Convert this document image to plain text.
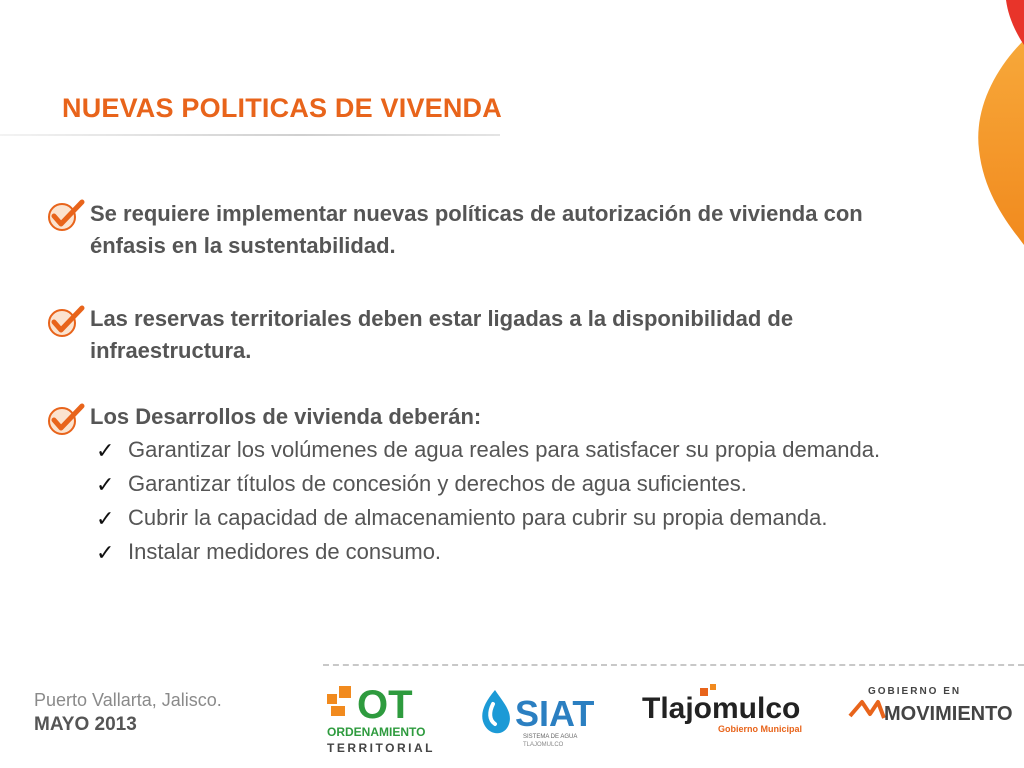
NUEVAS POLITICAS DE VIVENDA
Se requiere implementar nuevas políticas de autorización de vivienda con énfasis en la sustentabilidad.
Las reservas territoriales deben estar ligadas a la disponibilidad de infraestructura.
Los Desarrollos de vivienda deberán:
✓ Garantizar los volúmenes de agua reales para satisfacer su propia demanda.
✓ Garantizar títulos de concesión y derechos de agua suficientes.
✓ Cubrir la capacidad de almacenamiento para cubrir su propia demanda.
✓ Instalar medidores de consumo.
Puerto Vallarta, Jalisco.
MAYO 2013	OT
ORDENAMIENTO
TERRITORIAL
SIAT
SISTEMA DE AGUA
TLAJOMULCO
Tlajomulco
Gobierno Municipal
GOBIERNO EN
MOVIMIENTO
